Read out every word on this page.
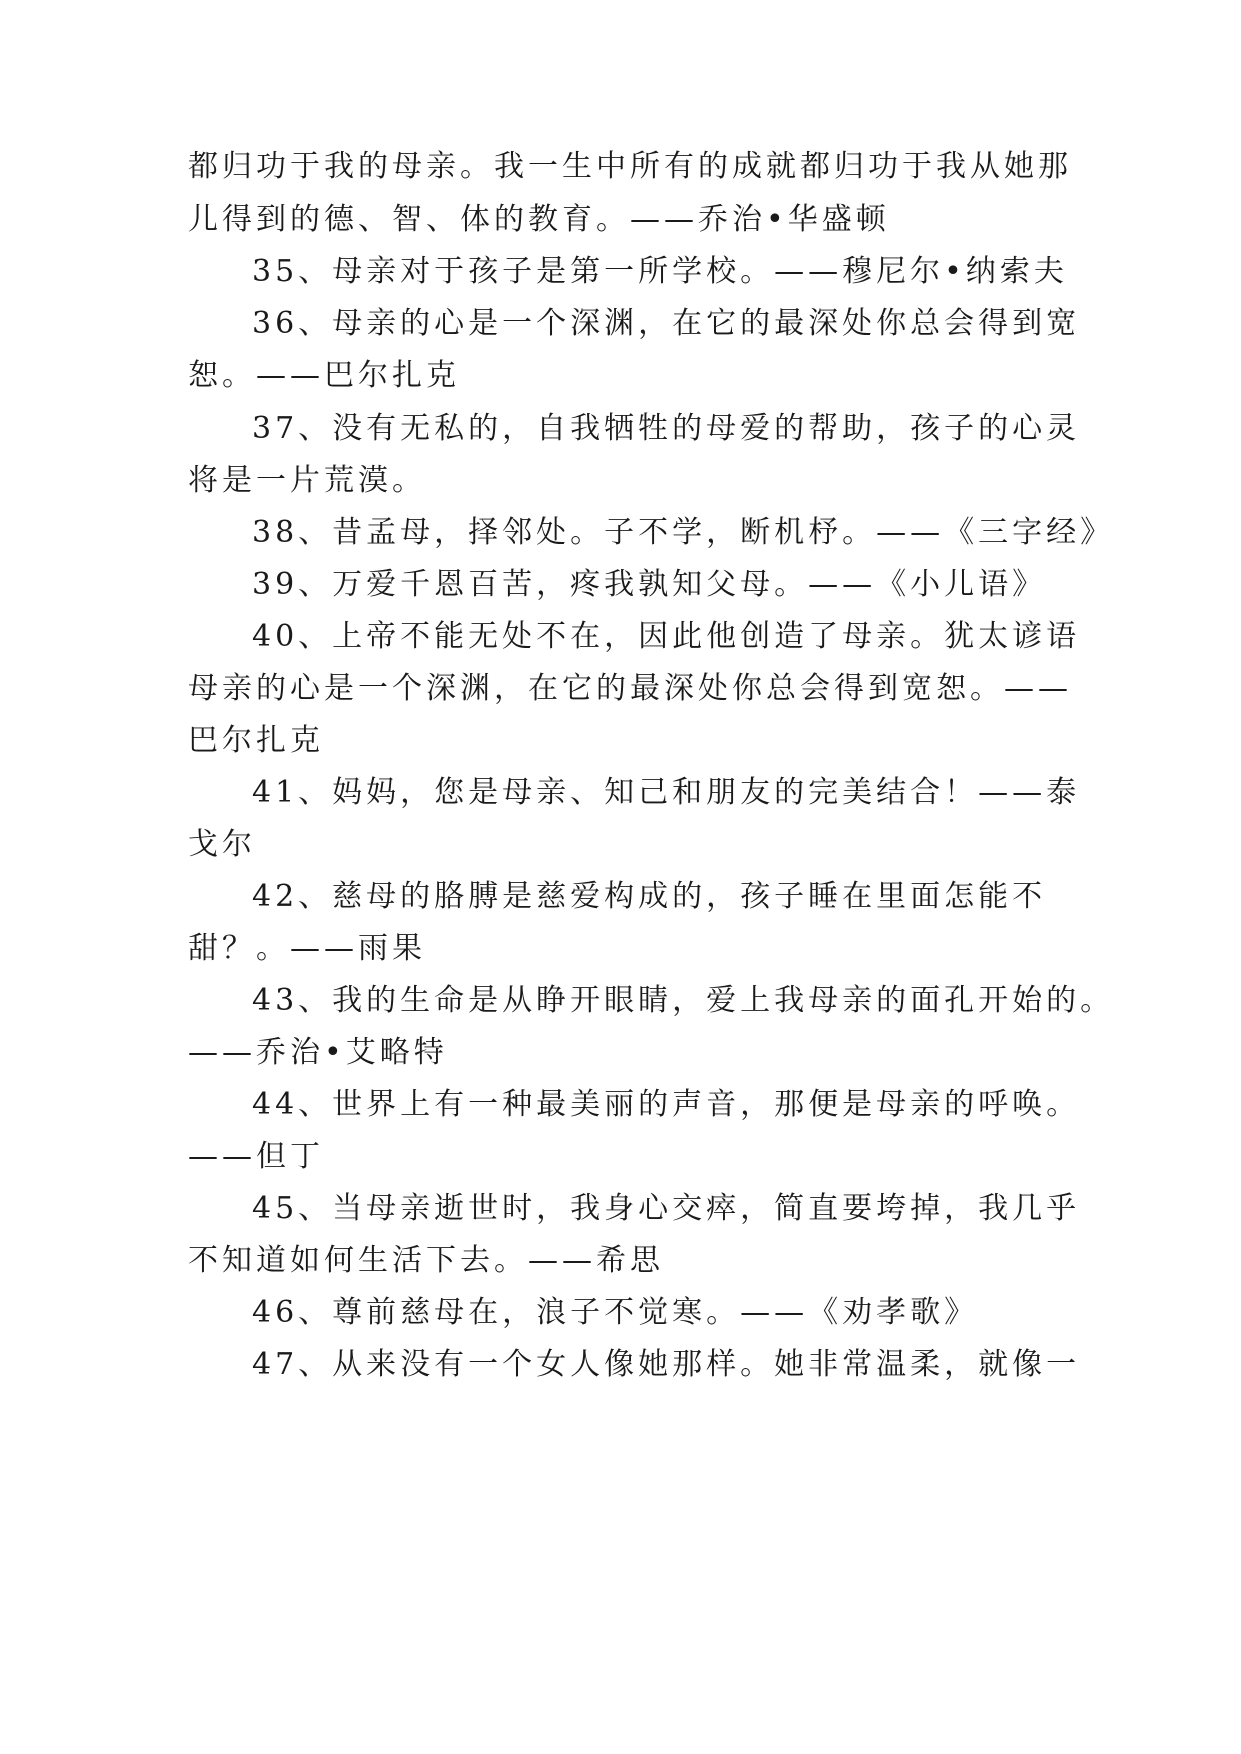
都归功于我的母亲。我一生中所有的成就都归功于我从她那
儿得到的德、智、体的教育。——乔治•华盛顿
35、母亲对于孩子是第一所学校。——穆尼尔•纳索夫
36、母亲的心是一个深渊，在它的最深处你总会得到宽
恕。——巴尔扎克
37、没有无私的，自我牺牲的母爱的帮助，孩子的心灵
将是一片荒漠。
38、昔孟母，择邻处。子不学，断机杼。——《三字经》
39、万爱千恩百苦，疼我孰知父母。——《小儿语》
40、上帝不能无处不在，因此他创造了母亲。犹太谚语
母亲的心是一个深渊，在它的最深处你总会得到宽恕。——
巴尔扎克
41、妈妈，您是母亲、知己和朋友的完美结合！——泰
戈尔
42、慈母的胳膊是慈爱构成的，孩子睡在里面怎能不
甜？。——雨果
43、我的生命是从睁开眼睛，爱上我母亲的面孔开始的。
——乔治•艾略特
44、世界上有一种最美丽的声音，那便是母亲的呼唤。
——但丁
45、当母亲逝世时，我身心交瘁，简直要垮掉，我几乎
不知道如何生活下去。——希思
46、尊前慈母在，浪子不觉寒。——《劝孝歌》
47、从来没有一个女人像她那样。她非常温柔，就像一
